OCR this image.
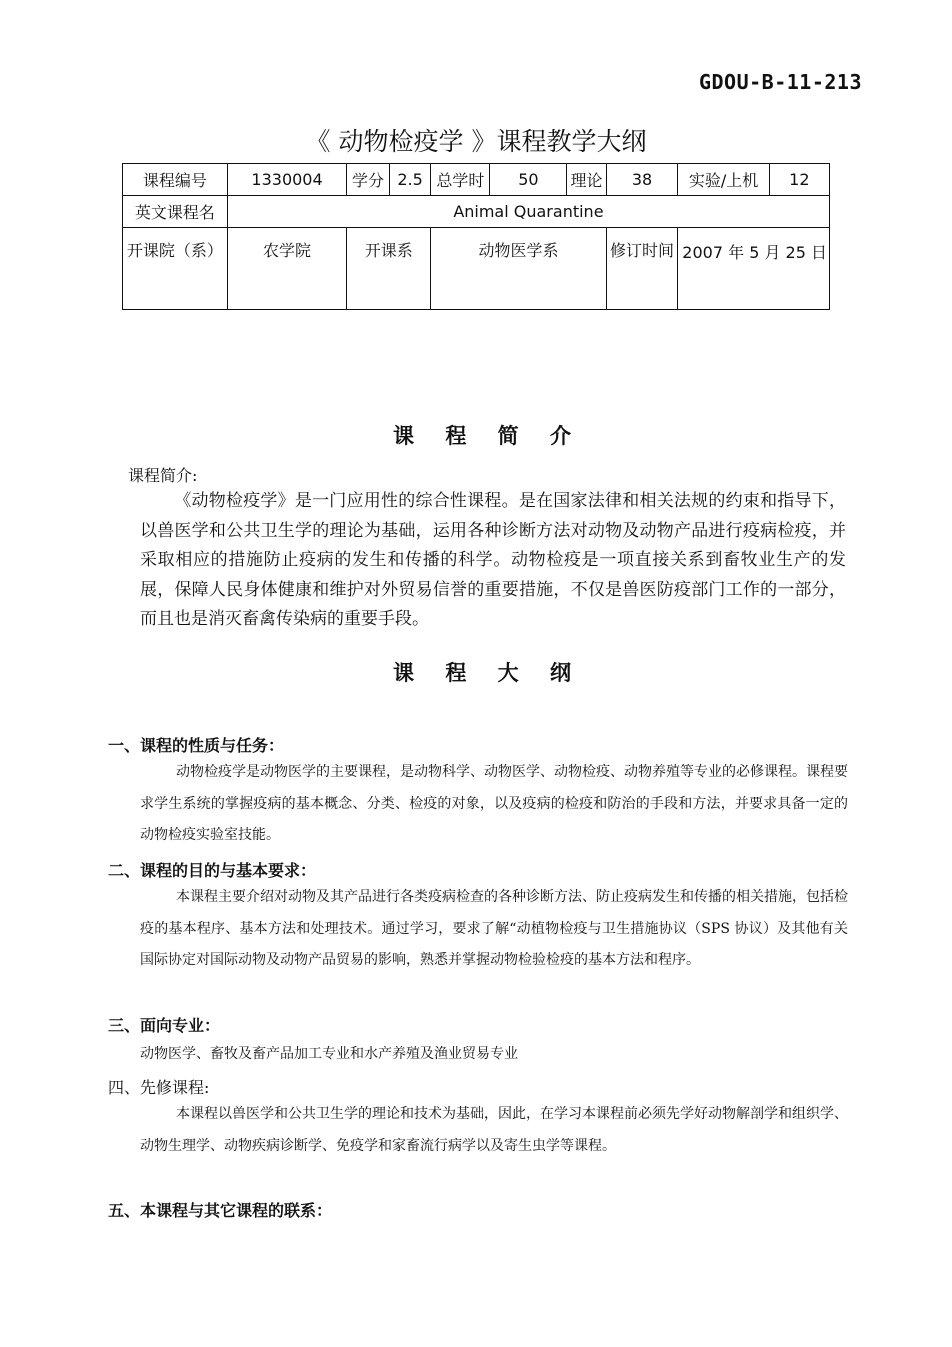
GDOU-B-11-213
《 动物检疫学 》课程教学大纲
课程编号	1330004	学分	2.5	总学时	50	理论	38	实验/上机	12
英文课程名	Animal Quarantine								
开课院（系）	农学院	开课系		动物医学系			修订时间	2007 年 5 月 25 日	
课 程 简 介
课程简介:
《动物检疫学》是一门应用性的综合性课程。是在国家法律和相关法规的约束和指导下，以兽医学和公共卫生学的理论为基础，运用各种诊断方法对动物及动物产品进行疫病检疫，并采取相应的措施防止疫病的发生和传播的科学。动物检疫是一项直接关系到畜牧业生产的发展，保障人民身体健康和维护对外贸易信誉的重要措施，不仅是兽医防疫部门工作的一部分，而且也是消灭畜禽传染病的重要手段。
课 程 大 纲
一、课程的性质与任务：
动物检疫学是动物医学的主要课程，是动物科学、动物医学、动物检疫、动物养殖等专业的必修课程。课程要求学生系统的掌握疫病的基本概念、分类、检疫的对象，以及疫病的检疫和防治的手段和方法，并要求具备一定的动物检疫实验室技能。
二、课程的目的与基本要求：
本课程主要介绍对动物及其产品进行各类疫病检查的各种诊断方法、防止疫病发生和传播的相关措施，包括检疫的基本程序、基本方法和处理技术。通过学习，要求了解“动植物检疫与卫生措施协议（SPS 协议）及其他有关国际协定对国际动物及动物产品贸易的影响，熟悉并掌握动物检验检疫的基本方法和程序。
三、面向专业：
动物医学、畜牧及畜产品加工专业和水产养殖及渔业贸易专业
四、先修课程:
本课程以兽医学和公共卫生学的理论和技术为基础，因此，在学习本课程前必须先学好动物解剖学和组织学、动物生理学、动物疾病诊断学、免疫学和家畜流行病学以及寄生虫学等课程。
五、本课程与其它课程的联系：
